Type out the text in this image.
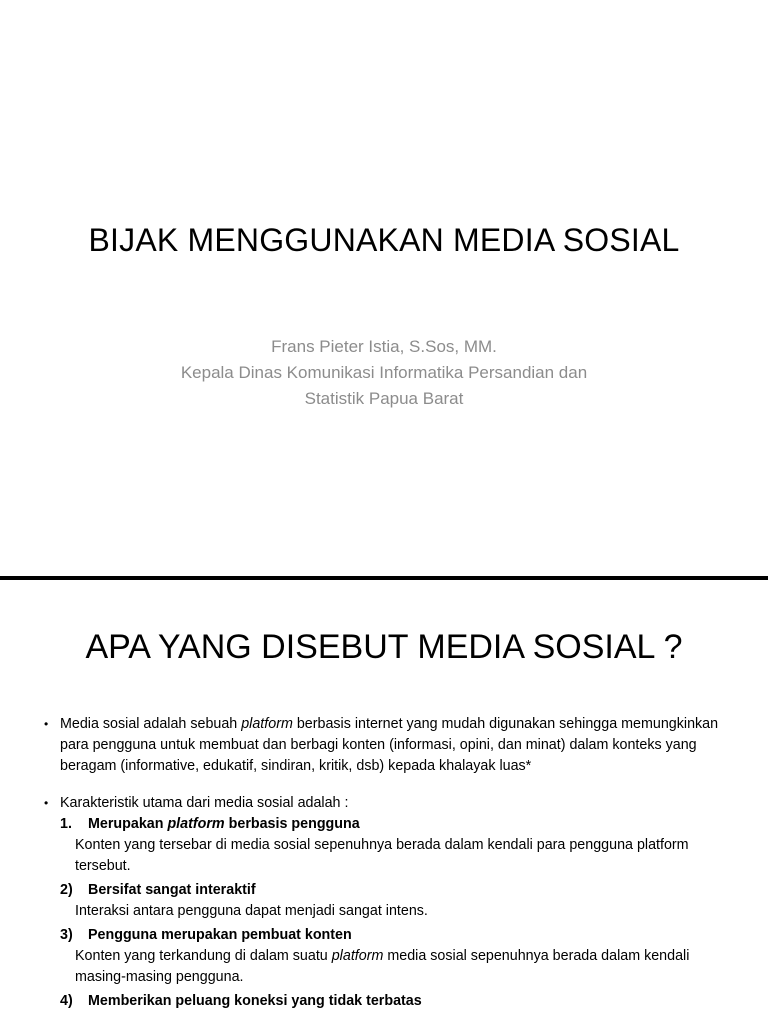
BIJAK MENGGUNAKAN MEDIA SOSIAL
Frans Pieter Istia, S.Sos, MM.
Kepala Dinas Komunikasi Informatika Persandian dan
Statistik Papua Barat
APA YANG DISEBUT MEDIA SOSIAL ?
• Media sosial adalah sebuah platform berbasis internet yang mudah digunakan sehingga memungkinkan para pengguna untuk membuat dan berbagi konten (informasi, opini, dan minat) dalam konteks yang beragam (informative, edukatif, sindiran, kritik, dsb) kepada khalayak luas*
• Karakteristik utama dari media sosial adalah :
1.	Merupakan platform berbasis pengguna
Konten yang tersebar di media sosial sepenuhnya berada dalam kendali para pengguna platform tersebut.
2)	Bersifat sangat interaktif
Interaksi antara pengguna dapat menjadi sangat intens.
3)	Pengguna merupakan pembuat konten
Konten yang terkandung di dalam suatu platform media sosial sepenuhnya berada dalam kendali masing-masing pengguna.
4)	Memberikan peluang koneksi yang tidak terbatas
